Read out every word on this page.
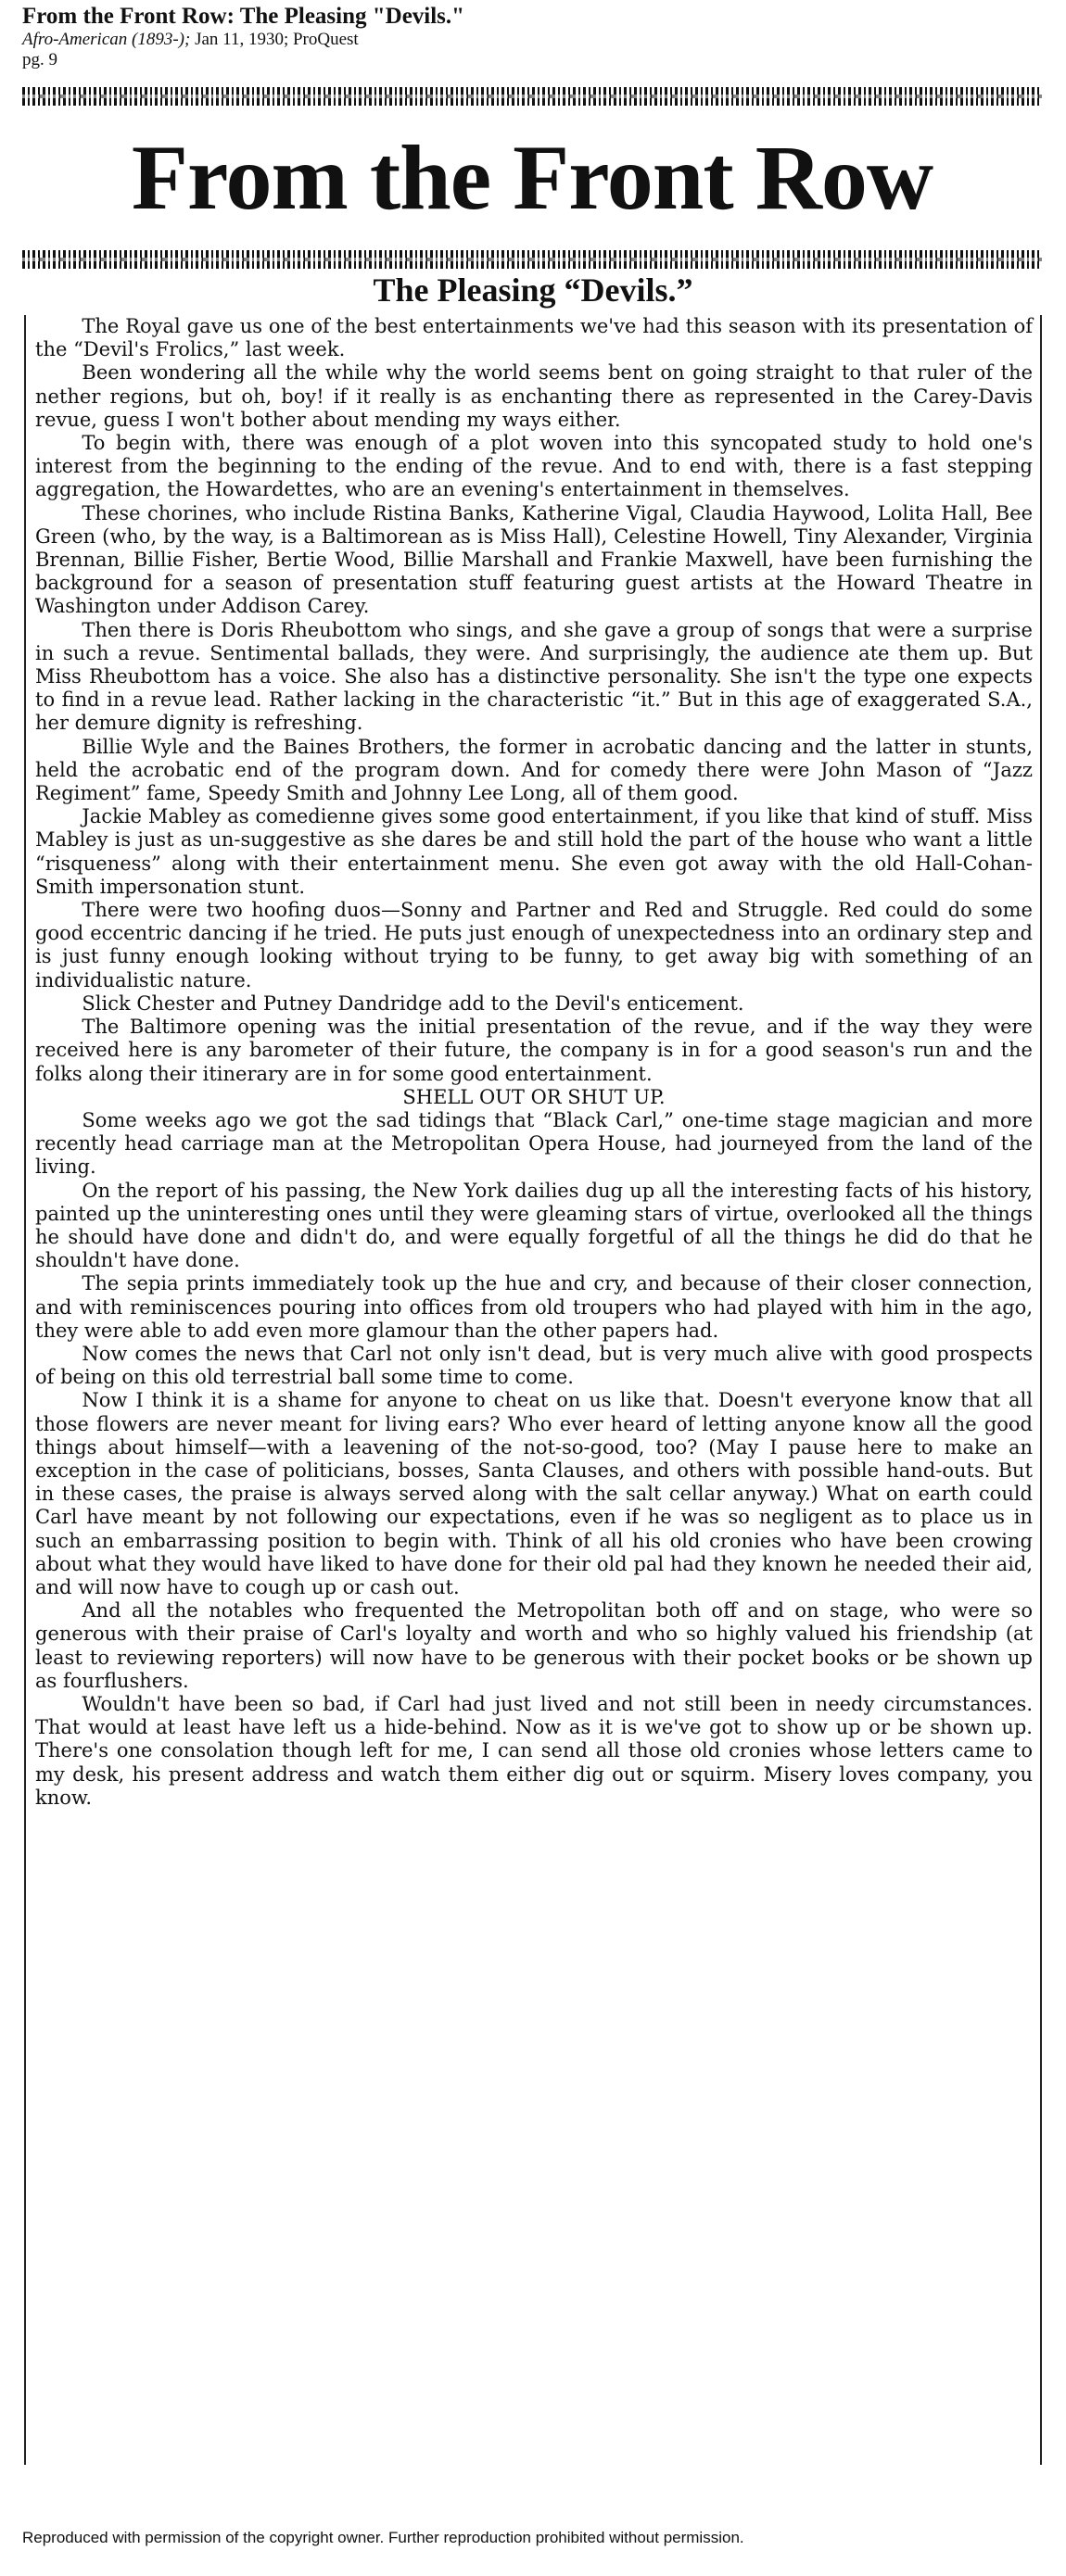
From the Front Row: The Pleasing "Devils."

Afro-American (1893-); Jan 11, 1930; ProQuest

pg. 9

From the Front Row
The Pleasing “Devils.”

The Royal gave us one of the best entertainments we've had this season with its presentation of the “Devil's Frolics,” last week.

Been wondering all the while why the world seems bent on going straight to that ruler of the nether regions, but oh, boy! if it really is as enchanting there as represented in the Carey-Davis revue, guess I won't bother about mending my ways either.

To begin with, there was enough of a plot woven into this syncopated study to hold one's interest from the beginning to the ending of the revue. And to end with, there is a fast stepping aggregation, the Howardettes, who are an evening's entertainment in themselves.

These chorines, who include Ristina Banks, Katherine Vigal, Claudia Haywood, Lolita Hall, Bee Green (who, by the way, is a Baltimorean as is Miss Hall), Celestine Howell, Tiny Alexander, Virginia Brennan, Billie Fisher, Bertie Wood, Billie Marshall and Frankie Maxwell, have been furnishing the background for a season of presentation stuff featuring guest artists at the Howard Theatre in Washington under Addison Carey.

Then there is Doris Rheubottom who sings, and she gave a group of songs that were a surprise in such a revue. Sentimental ballads, they were. And surprisingly, the audience ate them up. But Miss Rheubottom has a voice. She also has a distinctive personality. She isn't the type one expects to find in a revue lead. Rather lacking in the characteristic “it.” But in this age of exaggerated S.A., her demure dignity is refreshing.

Billie Wyle and the Baines Brothers, the former in acrobatic dancing and the latter in stunts, held the acrobatic end of the program down. And for comedy there were John Mason of “Jazz Regiment” fame, Speedy Smith and Johnny Lee Long, all of them good.

Jackie Mabley as comedienne gives some good entertainment, if you like that kind of stuff. Miss Mabley is just as un-suggestive as she dares be and still hold the part of the house who want a little “risqueness” along with their entertainment menu. She even got away with the old Hall-Cohan-Smith impersonation stunt.

There were two hoofing duos—Sonny and Partner and Red and Struggle. Red could do some good eccentric dancing if he tried. He puts just enough of unexpectedness into an ordinary step and is just funny enough looking without trying to be funny, to get away big with something of an individualistic nature.

Slick Chester and Putney Dandridge add to the Devil's enticement.

The Baltimore opening was the initial presentation of the revue, and if the way they were received here is any barometer of their future, the company is in for a good season's run and the folks along their itinerary are in for some good entertainment.

SHELL OUT OR SHUT UP.

Some weeks ago we got the sad tidings that “Black Carl,” one-time stage magician and more recently head carriage man at the Metropolitan Opera House, had journeyed from the land of the living.

On the report of his passing, the New York dailies dug up all the interesting facts of his history, painted up the uninteresting ones until they were gleaming stars of virtue, overlooked all the things he should have done and didn't do, and were equally forgetful of all the things he did do that he shouldn't have done.

The sepia prints immediately took up the hue and cry, and because of their closer connection, and with reminiscences pouring into offices from old troupers who had played with him in the ago, they were able to add even more glamour than the other papers had.

Now comes the news that Carl not only isn't dead, but is very much alive with good prospects of being on this old terrestrial ball some time to come.

Now I think it is a shame for anyone to cheat on us like that. Doesn't everyone know that all those flowers are never meant for living ears? Who ever heard of letting anyone know all the good things about himself—with a leavening of the not-so-good, too? (May I pause here to make an exception in the case of politicians, bosses, Santa Clauses, and others with possible hand-outs. But in these cases, the praise is always served along with the salt cellar anyway.) What on earth could Carl have meant by not following our expectations, even if he was so negligent as to place us in such an embarrassing position to begin with. Think of all his old cronies who have been crowing about what they would have liked to have done for their old pal had they known he needed their aid, and will now have to cough up or cash out.

And all the notables who frequented the Metropolitan both off and on stage, who were so generous with their praise of Carl's loyalty and worth and who so highly valued his friendship (at least to reviewing reporters) will now have to be generous with their pocket books or be shown up as fourflushers.

Wouldn't have been so bad, if Carl had just lived and not still been in needy circumstances. That would at least have left us a hide-behind. Now as it is we've got to show up or be shown up. There's one consolation though left for me, I can send all those old cronies whose letters came to my desk, his present address and watch them either dig out or squirm. Misery loves company, you know.

Reproduced with permission of the copyright owner. Further reproduction prohibited without permission.
